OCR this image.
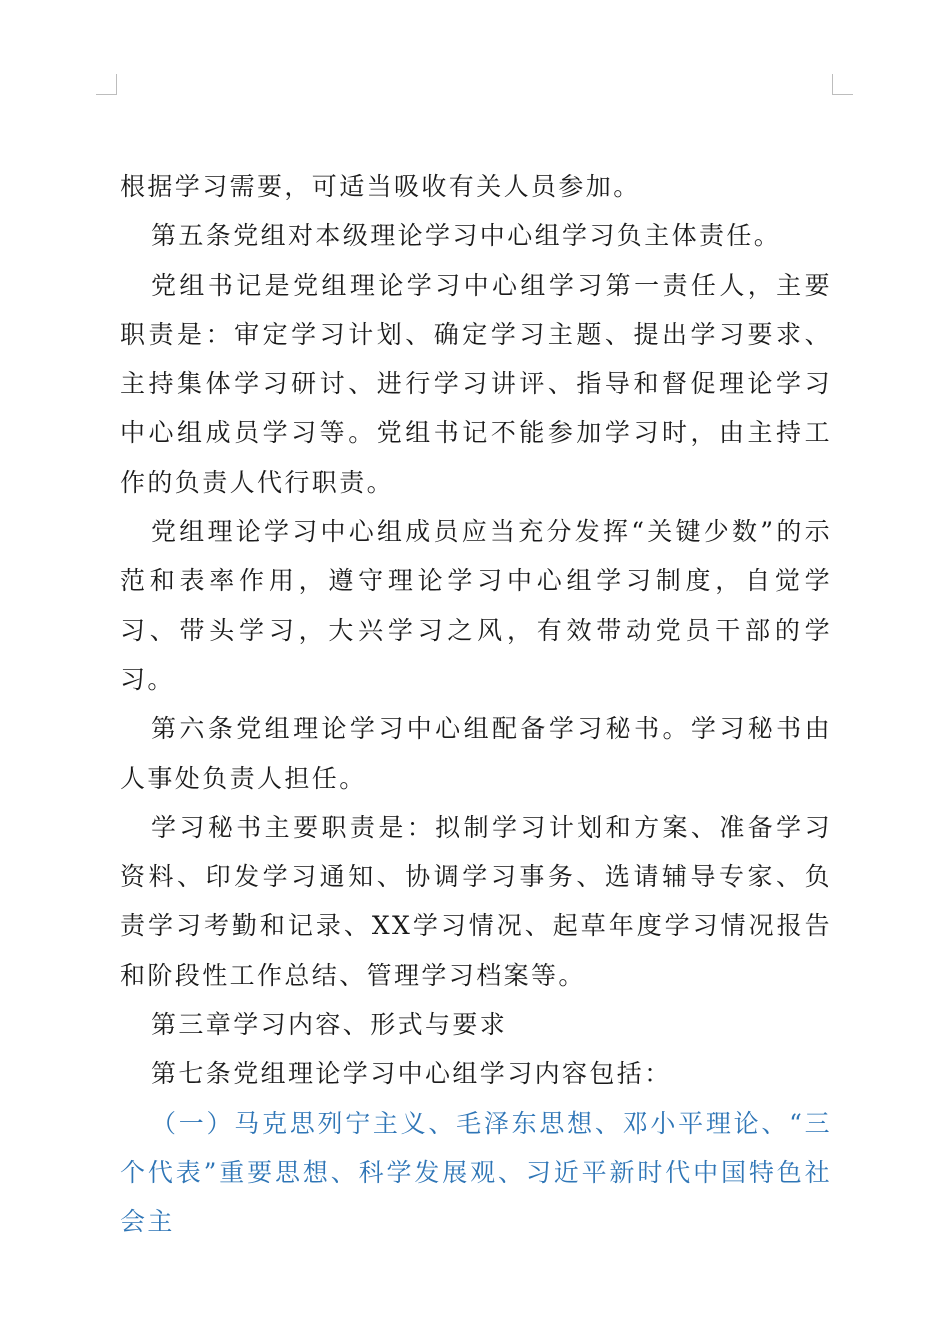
根据学习需要，可适当吸收有关人员参加。

第五条党组对本级理论学习中心组学习负主体责任。

党组书记是党组理论学习中心组学习第一责任人，主要职责是：审定学习计划、确定学习主题、提出学习要求、主持集体学习研讨、进行学习讲评、指导和督促理论学习中心组成员学习等。党组书记不能参加学习时，由主持工作的负责人代行职责。

党组理论学习中心组成员应当充分发挥“关键少数”的示范和表率作用，遵守理论学习中心组学习制度，自觉学习、带头学习，大兴学习之风，有效带动党员干部的学习。

第六条党组理论学习中心组配备学习秘书。学习秘书由人事处负责人担任。

学习秘书主要职责是：拟制学习计划和方案、准备学习资料、印发学习通知、协调学习事务、选请辅导专家、负责学习考勤和记录、XX学习情况、起草年度学习情况报告和阶段性工作总结、管理学习档案等。

第三章学习内容、形式与要求

第七条党组理论学习中心组学习内容包括：

（一）马克思列宁主义、毛泽东思想、邓小平理论、“三个代表”重要思想、科学发展观、习近平新时代中国特色社会主
